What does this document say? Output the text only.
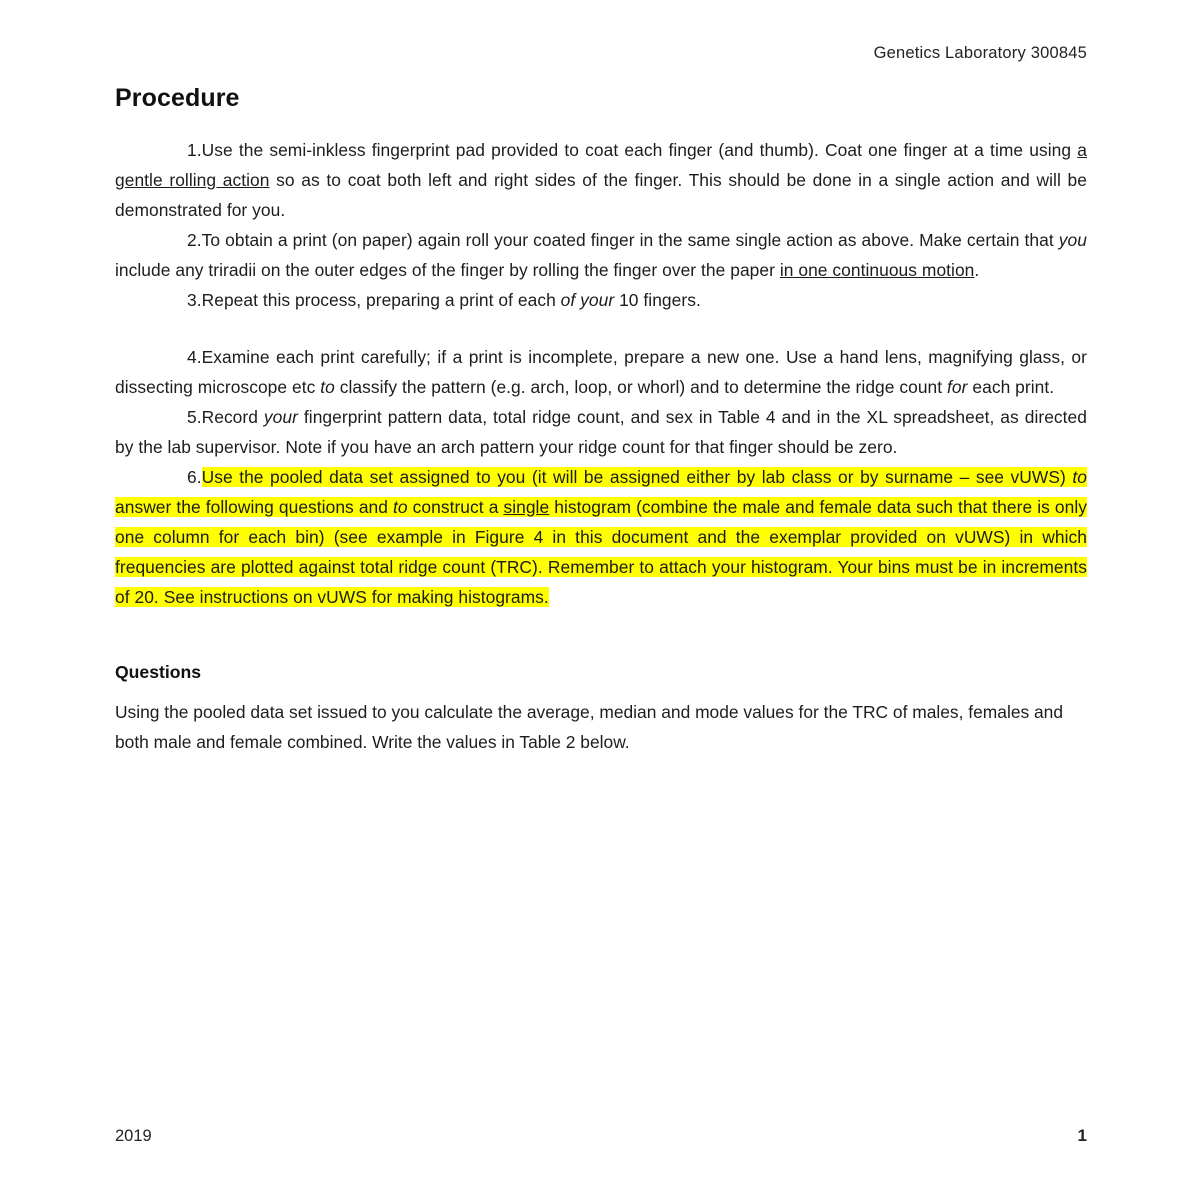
Genetics Laboratory 300845
Procedure

1.Use the semi-inkless fingerprint pad provided to coat each finger (and thumb). Coat one finger at a time using a gentle rolling action so as to coat both left and right sides of the finger. This should be done in a single action and will be demonstrated for you.

2.To obtain a print (on paper) again roll your coated finger in the same single action as above. Make certain that you include any triradii on the outer edges of the finger by rolling the finger over the paper in one continuous motion.

3.Repeat this process, preparing a print of each of your 10 fingers.

4.Examine each print carefully; if a print is incomplete, prepare a new one. Use a hand lens, magnifying glass, or dissecting microscope etc to classify the pattern (e.g. arch, loop, or whorl) and to determine the ridge count for each print.

5.Record your fingerprint pattern data, total ridge count, and sex in Table 4 and in the XL spreadsheet, as directed by the lab supervisor. Note if you have an arch pattern your ridge count for that finger should be zero.

6.Use the pooled data set assigned to you (it will be assigned either by lab class or by surname – see vUWS) to answer the following questions and to construct a single histogram (combine the male and female data such that there is only one column for each bin) (see example in Figure 4 in this document and the exemplar provided on vUWS) in which frequencies are plotted against total ridge count (TRC). Remember to attach your histogram. Your bins must be in increments of 20. See instructions on vUWS for making histograms.

Questions

Using the pooled data set issued to you calculate the average, median and mode values for the TRC of males, females and both male and female combined. Write the values in Table 2 below.

2019	1
